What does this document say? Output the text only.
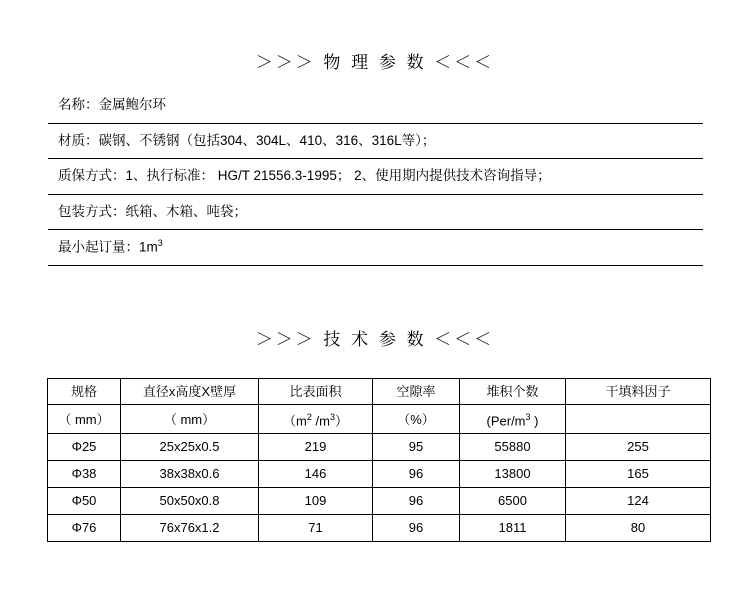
＞＞＞ 物 理 参 数 ＜＜＜
名称：金属鲍尔环
材质：碳钢、不锈钢（包括304、304L、410、316、316L等）；
质保方式：1、执行标准： HG/T 21556.3-1995； 2、使用期内提供技术咨询指导；
包装方式：纸箱、木箱、吨袋；
最小起订量：$1m^3$
＞＞＞ 技 术 参 数 ＜＜＜
规格	直径x高度X壁厚	比表面积	空隙率	堆积个数	干填料因子
（ mm）	（ mm）	（$m^2$ $/m^3$）	（%）	($Per/m^3$ )	
Φ25	25x25x0.5	219	95	55880	255
Φ38	38x38x0.6	146	96	13800	165
Φ50	50x50x0.8	109	96	6500	124
Φ76	76x76x1.2	71	96	1811	80
